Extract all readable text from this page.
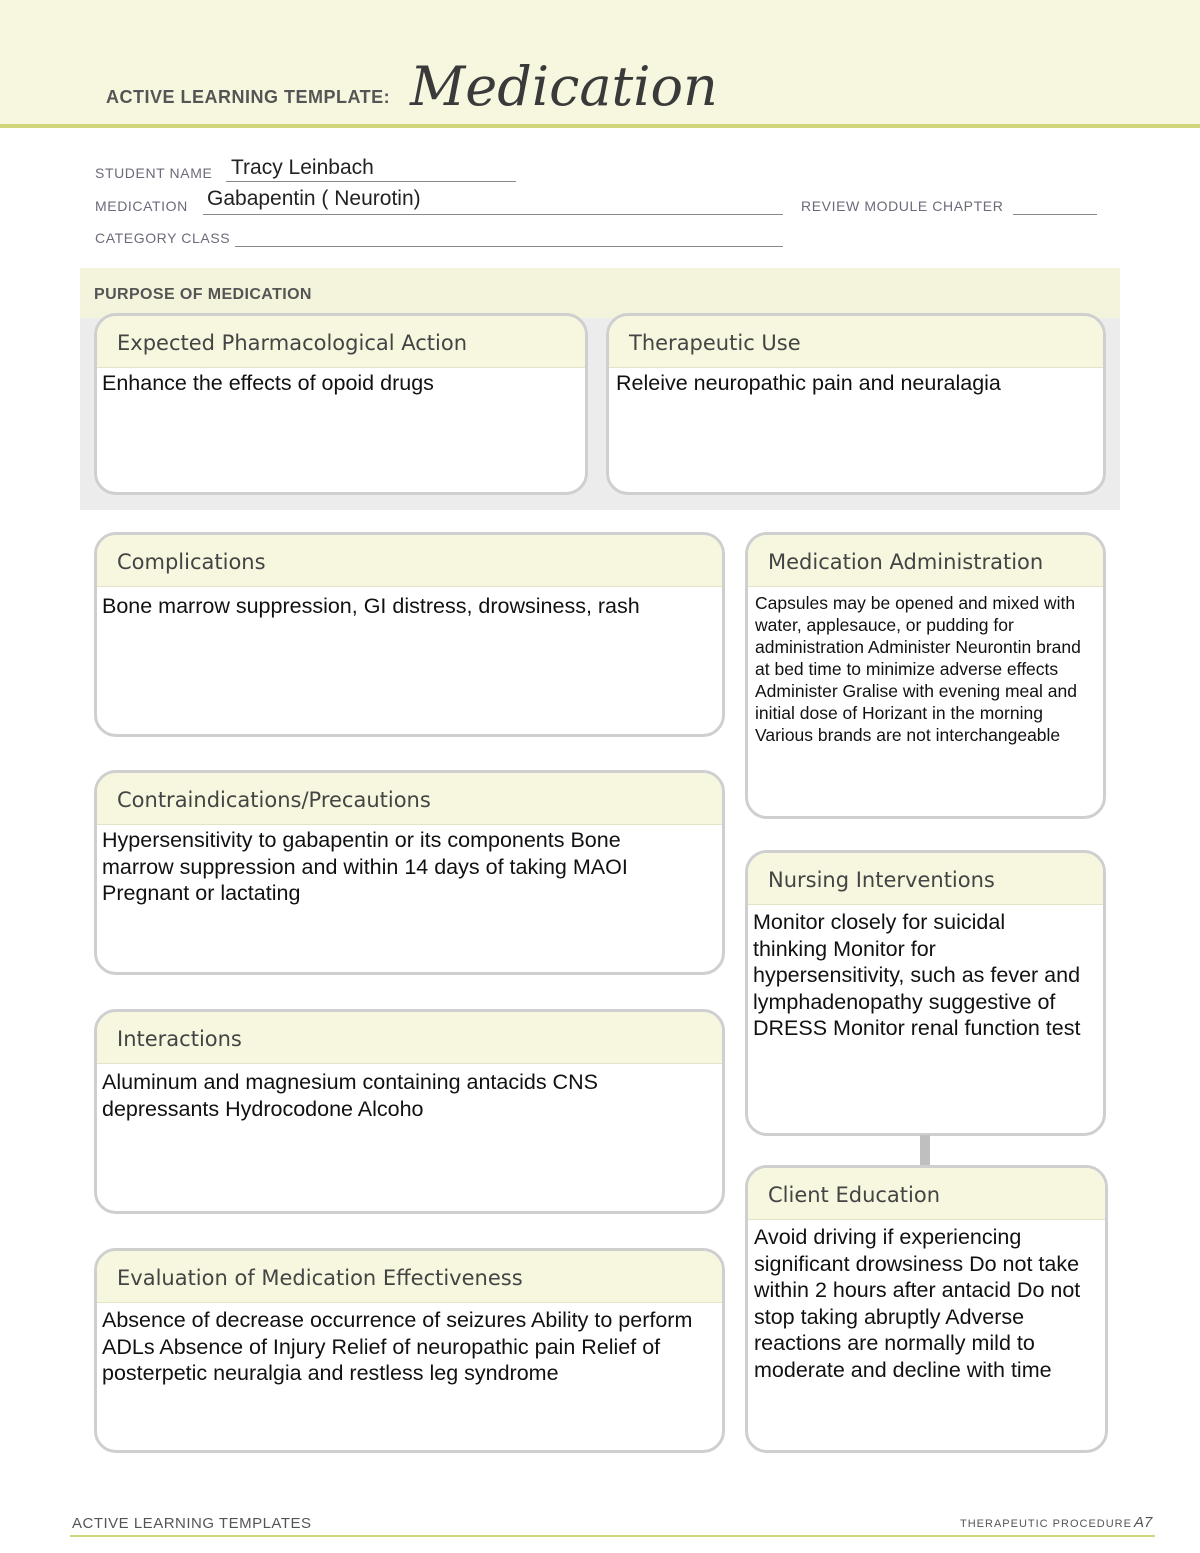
ACTIVE LEARNING TEMPLATE: Medication
STUDENT NAME Tracy Leinbach
MEDICATION Gabapentin ( Neurotin)	REVIEW MODULE CHAPTER
CATEGORY CLASS
PURPOSE OF MEDICATION
Expected Pharmacological Action
Enhance the effects of opoid drugs
Therapeutic Use
Releive neuropathic pain and neuralagia
Complications
Bone marrow suppression, GI distress, drowsiness, rash
Contraindications/Precautions
Hypersensitivity to gabapentin or its components Bone marrow suppression and within 14 days of taking MAOI Pregnant or lactating
Interactions
Aluminum and magnesium containing antacids CNS depressants Hydrocodone Alcoho
Evaluation of Medication Effectiveness
Absence of decrease occurrence of seizures Ability to perform ADLs Absence of Injury Relief of neuropathic pain Relief of posterpetic neuralgia and restless leg syndrome
Medication Administration
Capsules may be opened and mixed with water, applesauce, or pudding for administration Administer Neurontin brand at bed time to minimize adverse effects Administer Gralise with evening meal and initial dose of Horizant in the morning Various brands are not interchangeable
Nursing Interventions
Monitor closely for suicidal thinking Monitor for hypersensitivity, such as fever and lymphadenopathy suggestive of DRESS Monitor renal function test
Client Education
Avoid driving if experiencing significant drowsiness Do not take within 2 hours after antacid Do not stop taking abruptly Adverse reactions are normally mild to moderate and decline with time
ACTIVE LEARNING TEMPLATES	THERAPEUTIC PROCEDURE A7
